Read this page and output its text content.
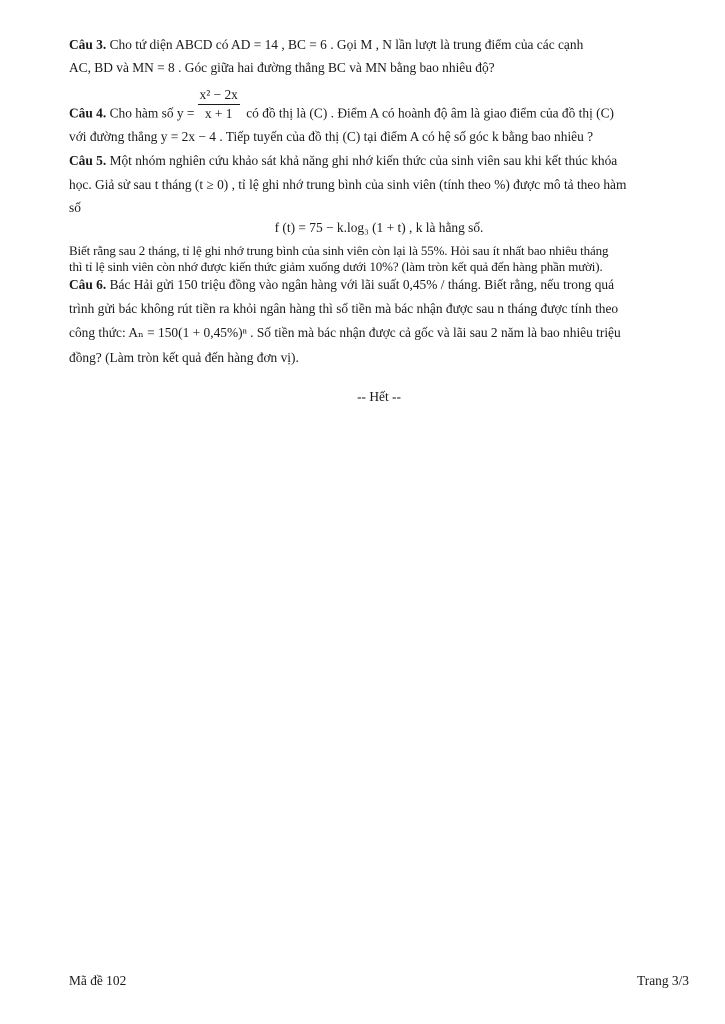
Câu 3. Cho tứ diện ABCD có AD = 14 , BC = 6 . Gọi M , N lần lượt là trung điểm của các cạnh
AC, BD và MN = 8 . Góc giữa hai đường thẳng BC và MN bằng bao nhiêu độ?
Câu 4. Cho hàm số $y = \frac{\text{x² − 2x}}{x + 1}$ có đồ thị là (C) . Điểm A có hoành độ âm là giao điểm của đồ thị (C)
với đường thẳng y = 2x − 4 . Tiếp tuyến của đồ thị (C) tại điểm A có hệ số góc k bằng bao nhiêu ?
Câu 5. Một nhóm nghiên cứu khảo sát khả năng ghi nhớ kiến thức của sinh viên sau khi kết thúc khóa
học. Giả sử sau t tháng (t ≥ 0) , tỉ lệ ghi nhớ trung bình của sinh viên (tính theo %) được mô tả theo hàm
số
f (t) = 75 − k.log₃ (1 + t) , k là hằng số.
Biết rằng sau 2 tháng, tỉ lệ ghi nhớ trung bình của sinh viên còn lại là 55%. Hỏi sau ít nhất bao nhiêu tháng
thì tỉ lệ sinh viên còn nhớ được kiến thức giảm xuống dưới 10%? (làm tròn kết quả đến hàng phần mười).
Câu 6. Bác Hải gửi 150 triệu đồng vào ngân hàng với lãi suất 0,45% / tháng. Biết rằng, nếu trong quá
trình gửi bác không rút tiền ra khỏi ngân hàng thì số tiền mà bác nhận được sau n tháng được tính theo
công thức: Aₙ = 150(1 + 0,45%)ⁿ . Số tiền mà bác nhận được cả gốc và lãi sau 2 năm là bao nhiêu triệu
đồng? (Làm tròn kết quả đến hàng đơn vị).
-- Hết --
Mã đề 102	Trang 3/3
